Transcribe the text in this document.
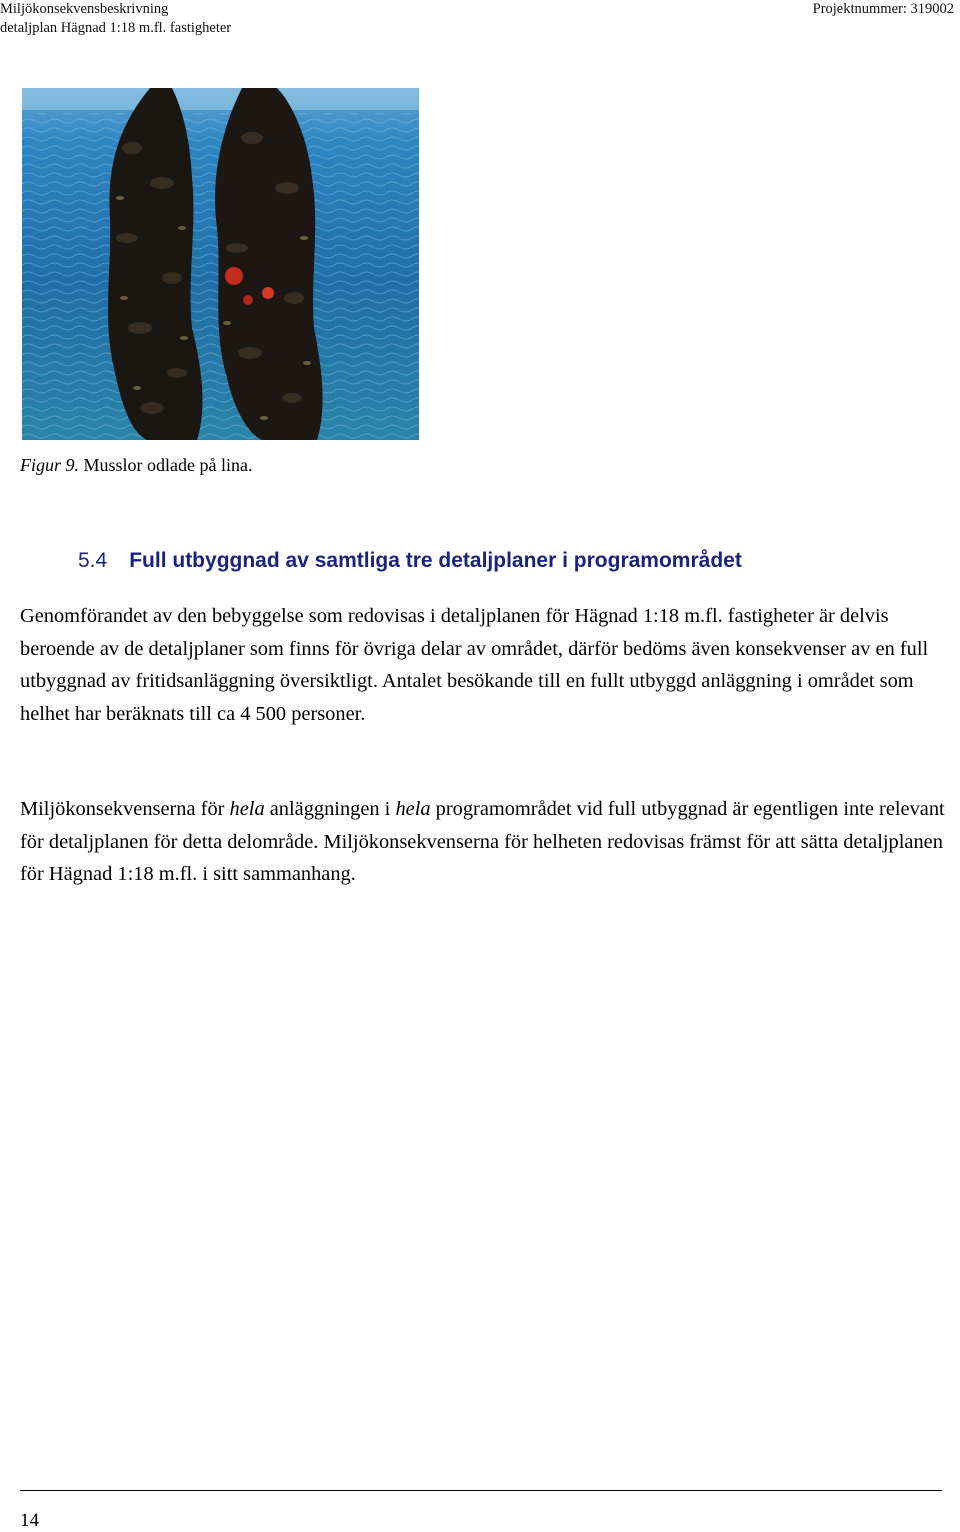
Miljökonsekvensbeskrivning
detaljplan Hägnad 1:18 m.fl. fastigheter
Projektnummer: 319002
Figur 9. Musslor odlade på lina.
5.4 Full utbyggnad av samtliga tre detaljplaner i programområdet

Genomförandet av den bebyggelse som redovisas i detaljplanen för Hägnad 1:18 m.fl. fastigheter är delvis beroende av de detaljplaner som finns för övriga delar av området, därför bedöms även konsekvenser av en full utbyggnad av fritidsanläggning översiktligt. Antalet besökande till en fullt utbyggd anläggning i området som helhet har beräknats till ca 4 500 personer.

Miljökonsekvenserna för hela anläggningen i hela programområdet vid full utbyggnad är egentligen inte relevant för detaljplanen för detta delområde. Miljökonsekvenserna för helheten redovisas främst för att sätta detaljplanen för Hägnad 1:18 m.fl. i sitt sammanhang.

14
